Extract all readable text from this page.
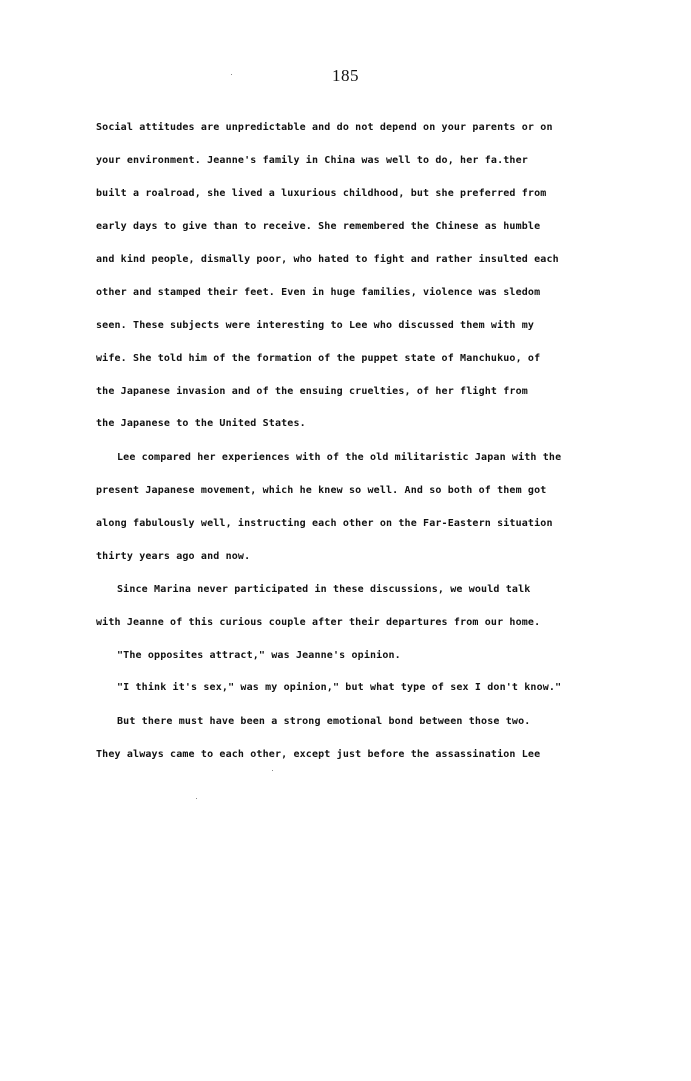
185
Social attitudes are unpredictable and do not depend on your parents or on
your environment. Jeanne's family in China was well to do, her fa.ther
built a roalroad, she lived a luxurious childhood, but she preferred from
early days to give than to receive. She remembered the Chinese as humble
and kind people, dismally poor, who hated to fight and rather insulted each
other and stamped their feet. Even in huge families, violence was sledom
seen. These subjects were interesting to Lee who discussed them with my
wife. She told him of the formation of the puppet state of Manchukuo, of
the Japanese invasion and of the ensuing cruelties, of her flight from
the Japanese to the United States.
Lee compared her experiences with of the old militaristic Japan with the
present Japanese movement, which he knew so well. And so both of them got
along fabulously well, instructing each other on the Far-Eastern situation
thirty years ago and now.
Since Marina never participated in these discussions, we would talk
with Jeanne of this curious couple after their departures from our home.
"The opposites attract," was Jeanne's opinion.
"I think it's sex," was my opinion," but what type of sex I don't know."
But there must have been a strong emotional bond between those two.
They always came to each other, except just before the assassination Lee
